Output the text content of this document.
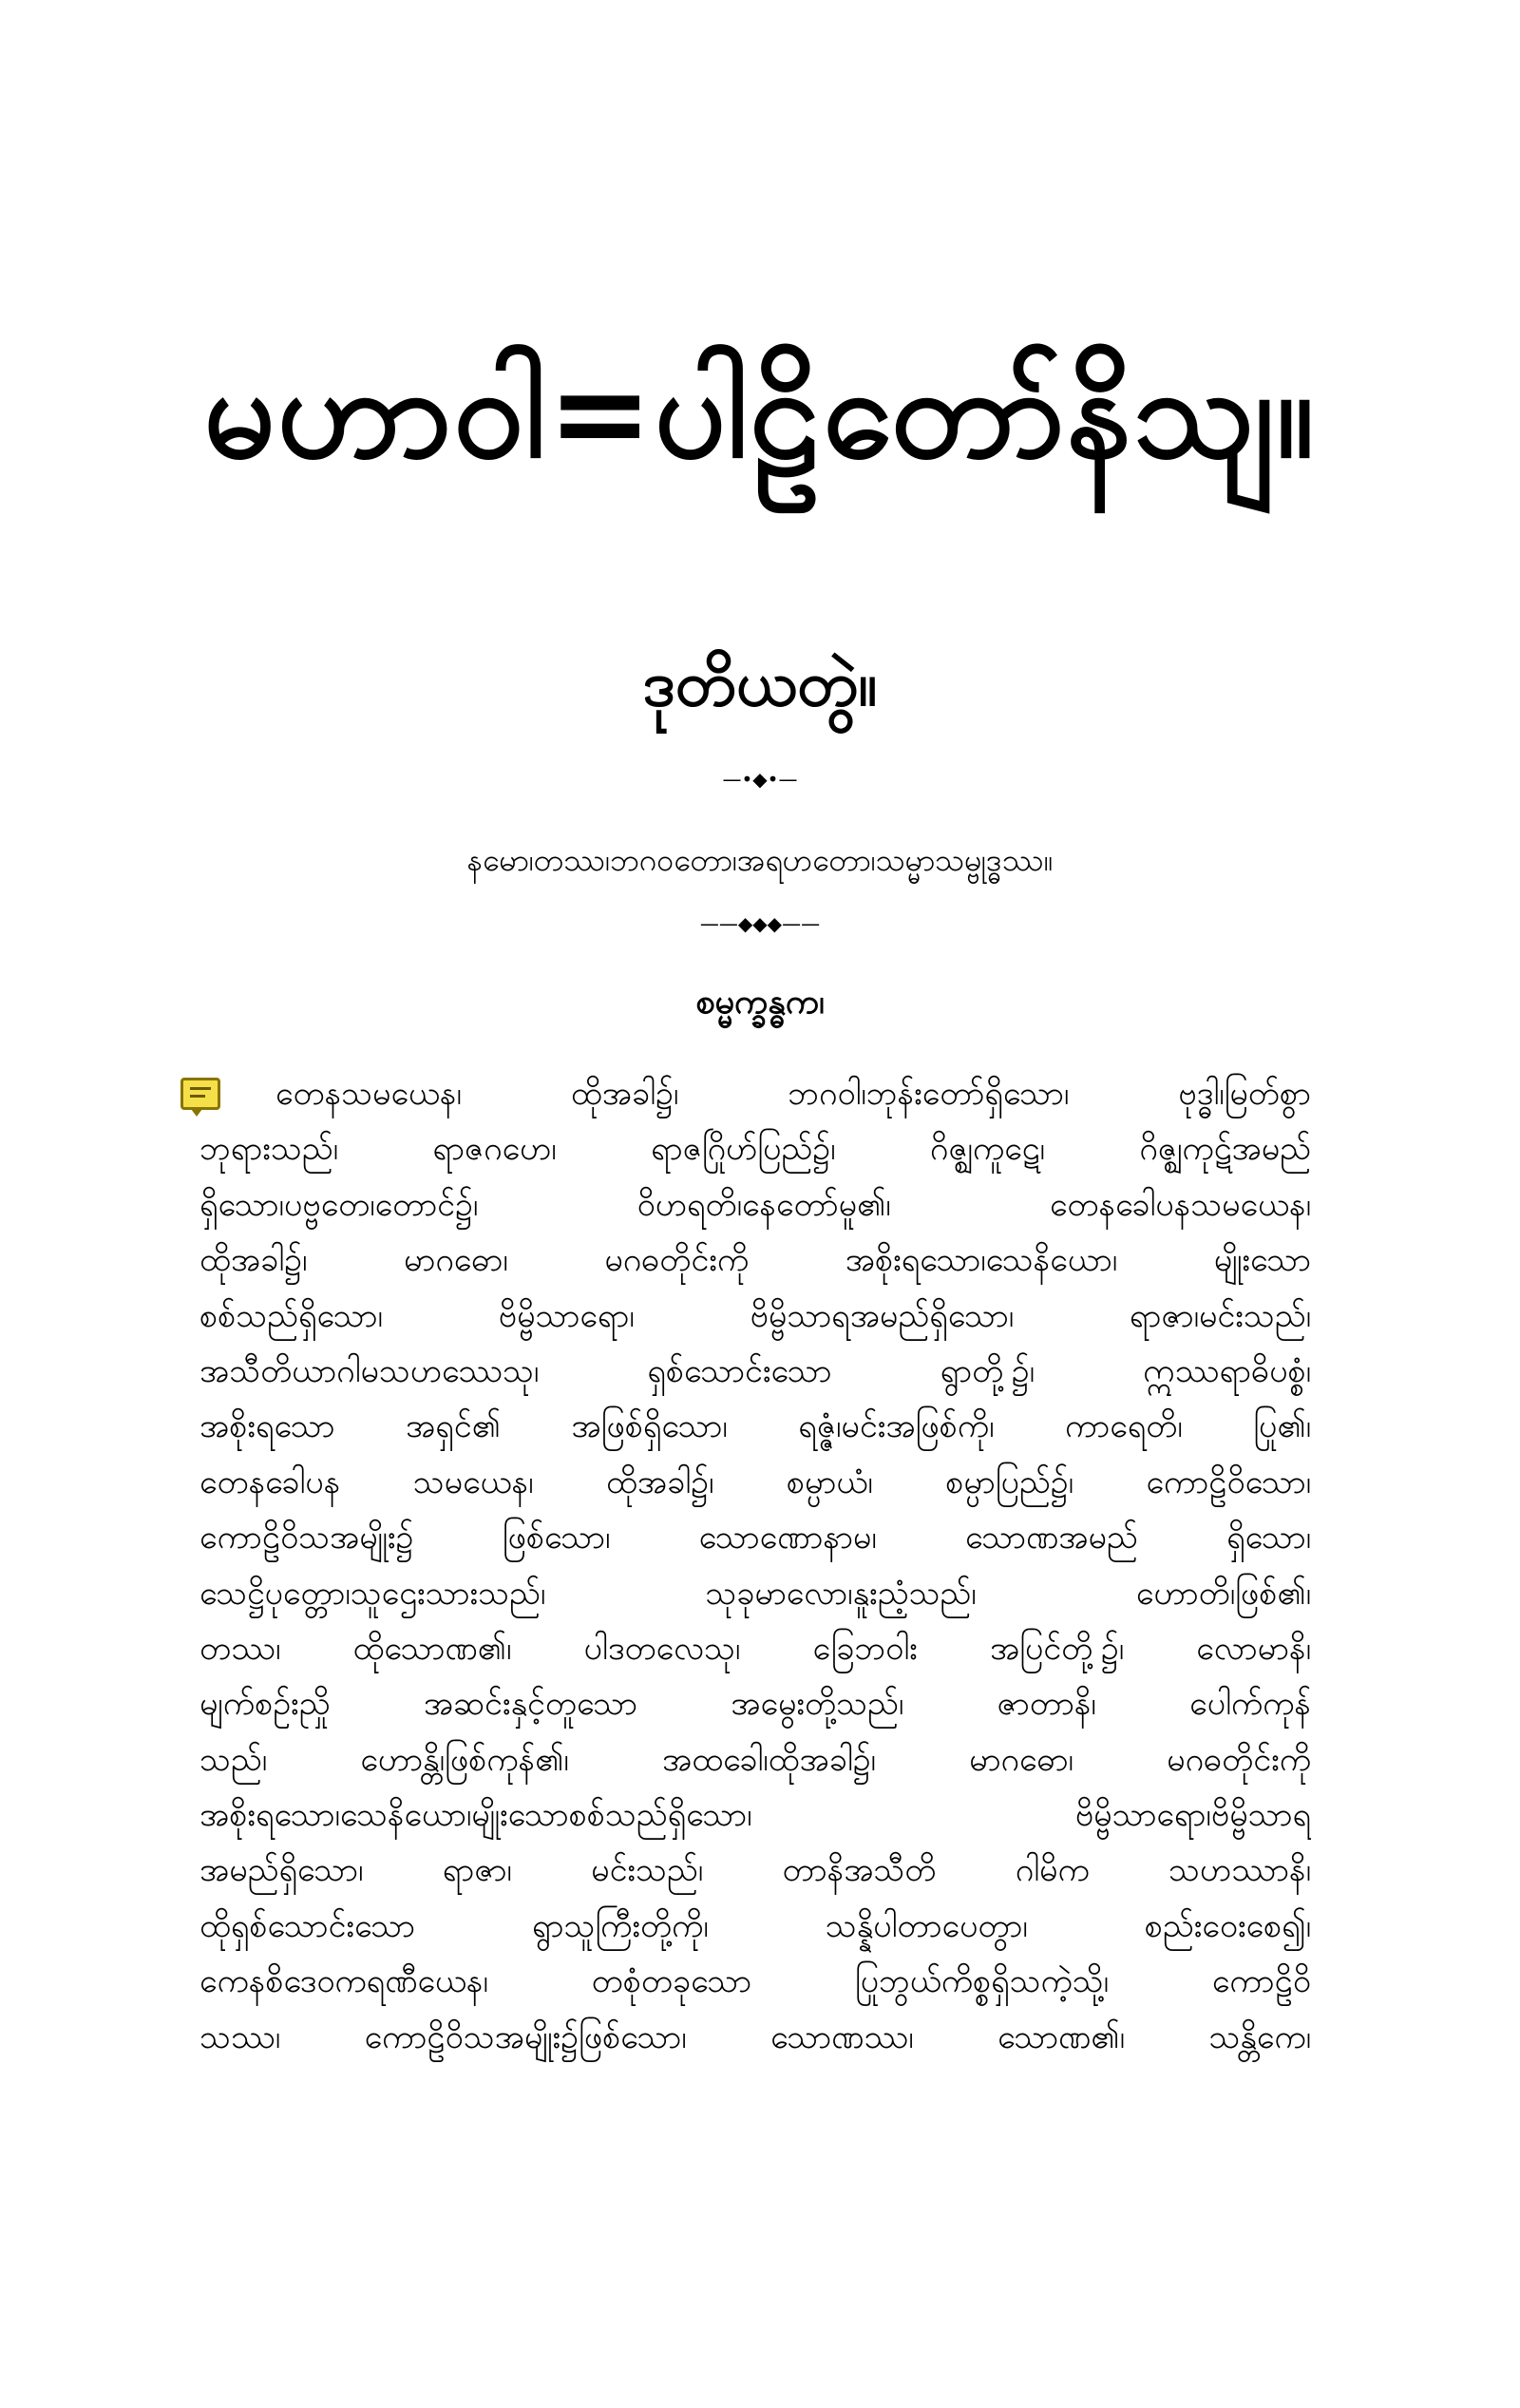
မဟာဝါ=ပါဠိတော်နိသျ။
ဒုတိယတွဲ။
—•◆•—
နမော၊တဿ၊ဘဂဝတော၊အရဟတော၊သမ္မာသမ္ဗုဒ္ဓဿ။
——◆◆◆——
စမ္မက္ခန္ဓက၊
တေနသမယေန၊ ထိုအခါ၌၊ ဘဂဝါ၊ဘုန်းတော်ရှိသော၊ ဗုဒ္ဓါ၊မြတ်စွာ
ဘုရားသည်၊ ရာဇဂဟေ၊ ရာဇဂြိုဟ်ပြည်၌၊ ဂိဇ္ဈကူဋေ၊ ဂိဇ္ဈကုဋ်အမည်
ရှိသော၊ပဗ္ဗတေ၊တောင်၌၊ ဝိဟရတိ၊နေတော်မူ၏၊ တေနခေါပနသမယေန၊
ထိုအခါ၌၊ မာဂဓော၊ မဂဓတိုင်းကို အစိုးရသော၊သေနိယော၊ မျိုးသော
စစ်သည်ရှိသော၊ ဗိမ္ဗိသာရော၊ ဗိမ္ဗိသာရအမည်ရှိသော၊ ရာဇာ၊မင်းသည်၊
အသီတိယာဂါမသဟဿေသု၊ ရှစ်သောင်းသော ရွာတို့၌၊ ဣဿရာဓိပစ္စံ၊
အစိုးရသော အရှင်၏ အဖြစ်ရှိသော၊ ရဇ္ဇံ၊မင်းအဖြစ်ကို၊ ကာရေတိ၊ ပြု၏၊
တေနခေါပန သမယေန၊ ထိုအခါ၌၊ စမ္ပာယံ၊ စမ္ပာပြည်၌၊ ကောဠိဝိသော၊
ကောဠိဝိသအမျိုး၌ ဖြစ်သော၊ သောဏောနာမ၊ သောဏအမည် ရှိသော၊
သေဋ္ဌိပုတ္တော၊သူဌေးသားသည်၊ သုခုမာလော၊နူးညံ့သည်၊ ဟောတိ၊ဖြစ်၏၊
တဿ၊ ထိုသောဏ၏၊ ပါဒတလေသု၊ ခြေဘဝါး အပြင်တို့၌၊ လောမာနိ၊
မျက်စဉ်းညှို အဆင်းနှင့်တူသော အမွေးတို့သည်၊ ဇာတာနိ၊ ပေါက်ကုန်
သည်၊ ဟောန္တိ၊ဖြစ်ကုန်၏၊ အထခေါ၊ထိုအခါ၌၊ မာဂဓော၊ မဂဓတိုင်းကို
အစိုးရသော၊သေနိယော၊မျိုးသောစစ်သည်ရှိသော၊ ဗိမ္ဗိသာရော၊ဗိမ္ဗိသာရ
အမည်ရှိသော၊ ရာဇာ၊ မင်းသည်၊ တာနိအသီတိ ဂါမိက သဟဿာနိ၊
ထိုရှစ်သောင်းသော ရွာသူကြီးတို့ကို၊ သန္နိပါတာပေတွာ၊ စည်းဝေးစေ၍၊
ကေနစိဒေဝကရဏီယေန၊ တစုံတခုသော ပြုဘွယ်ကိစ္စရှိသကဲ့သို့၊ ကောဠိဝိ
သဿ၊ ကောဠိဝိသအမျိုး၌ဖြစ်သော၊ သောဏဿ၊ သောဏ၏၊ သန္တိကေ၊
